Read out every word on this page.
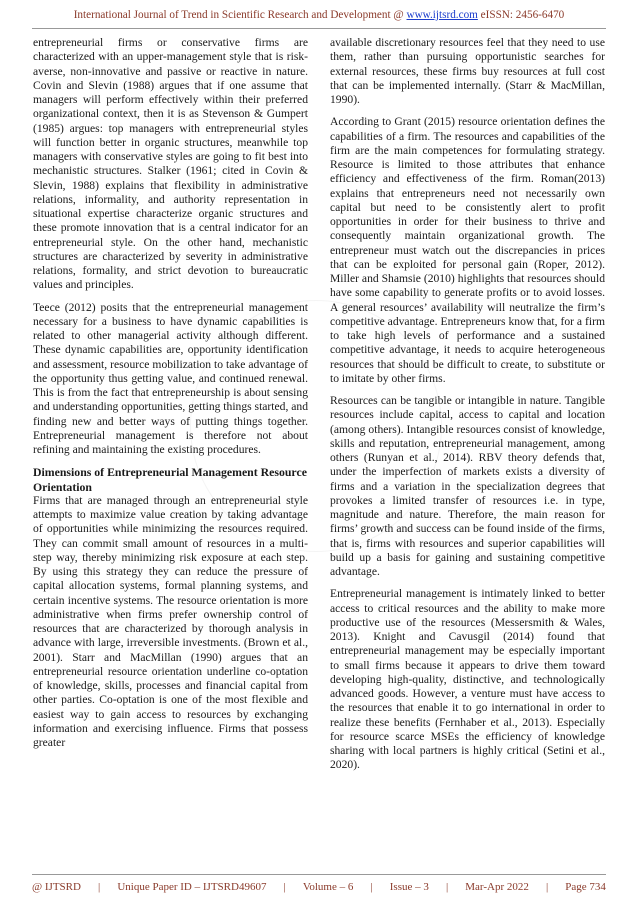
International Journal of Trend in Scientific Research and Development @ www.ijtsrd.com eISSN: 2456-6470

entrepreneurial firms or conservative firms are characterized with an upper-management style that is risk-averse, non-innovative and passive or reactive in nature. Covin and Slevin (1988) argues that if one assume that managers will perform effectively within their preferred organizational context, then it is as Stevenson & Gumpert (1985) argues: top managers with entrepreneurial styles will function better in organic structures, meanwhile top managers with conservative styles are going to fit best into mechanistic structures. Stalker (1961; cited in Covin & Slevin, 1988) explains that flexibility in administrative relations, informality, and authority representation in situational expertise characterize organic structures and these promote innovation that is a central indicator for an entrepreneurial style. On the other hand, mechanistic structures are characterized by severity in administrative relations, formality, and strict devotion to bureaucratic values and principles.

Teece (2012) posits that the entrepreneurial management necessary for a business to have dynamic capabilities is related to other managerial activity although different. These dynamic capabilities are, opportunity identification and assessment, resource mobilization to take advantage of the opportunity thus getting value, and continued renewal. This is from the fact that entrepreneurship is about sensing and understanding opportunities, getting things started, and finding new and better ways of putting things together. Entrepreneurial management is therefore not about refining and maintaining the existing procedures.

Dimensions of Entrepreneurial Management Resource Orientation

Firms that are managed through an entrepreneurial style attempts to maximize value creation by taking advantage of opportunities while minimizing the resources required. They can commit small amount of resources in a multi-step way, thereby minimizing risk exposure at each step. By using this strategy they can reduce the pressure of capital allocation systems, formal planning systems, and certain incentive systems. The resource orientation is more administrative when firms prefer ownership control of resources that are characterized by thorough analysis in advance with large, irreversible investments. (Brown et al., 2001). Starr and MacMillan (1990) argues that an entrepreneurial resource orientation underline co-optation of knowledge, skills, processes and financial capital from other parties. Co-optation is one of the most flexible and easiest way to gain access to resources by exchanging information and exercising influence. Firms that possess greater

available discretionary resources feel that they need to use them, rather than pursuing opportunistic searches for external resources, these firms buy resources at full cost that can be implemented internally. (Starr & MacMillan, 1990).

According to Grant (2015) resource orientation defines the capabilities of a firm. The resources and capabilities of the firm are the main competences for formulating strategy. Resource is limited to those attributes that enhance efficiency and effectiveness of the firm. Roman(2013) explains that entrepreneurs need not necessarily own capital but need to be consistently alert to profit opportunities in order for their business to thrive and consequently maintain organizational growth. The entrepreneur must watch out the discrepancies in prices that can be exploited for personal gain (Roper, 2012). Miller and Shamsie (2010) highlights that resources should have some capability to generate profits or to avoid losses. A general resources’ availability will neutralize the firm’s competitive advantage. Entrepreneurs know that, for a firm to take high levels of performance and a sustained competitive advantage, it needs to acquire heterogeneous resources that should be difficult to create, to substitute or to imitate by other firms.

Resources can be tangible or intangible in nature. Tangible resources include capital, access to capital and location (among others). Intangible resources consist of knowledge, skills and reputation, entrepreneurial management, among others (Runyan et al., 2014). RBV theory defends that, under the imperfection of markets exists a diversity of firms and a variation in the specialization degrees that provokes a limited transfer of resources i.e. in type, magnitude and nature. Therefore, the main reason for firms’ growth and success can be found inside of the firms, that is, firms with resources and superior capabilities will build up a basis for gaining and sustaining competitive advantage.

Entrepreneurial management is intimately linked to better access to critical resources and the ability to make more productive use of the resources (Messersmith & Wales, 2013). Knight and Cavusgil (2014) found that entrepreneurial management may be especially important to small firms because it appears to drive them toward developing high-quality, distinctive, and technologically advanced goods. However, a venture must have access to the resources that enable it to go international in order to realize these benefits (Fernhaber et al., 2013). Especially for resource scarce MSEs the efficiency of knowledge sharing with local partners is highly critical (Setini et al., 2020).

@ IJTSRD | Unique Paper ID – IJTSRD49607 | Volume – 6 | Issue – 3 | Mar-Apr 2022 | Page 734
